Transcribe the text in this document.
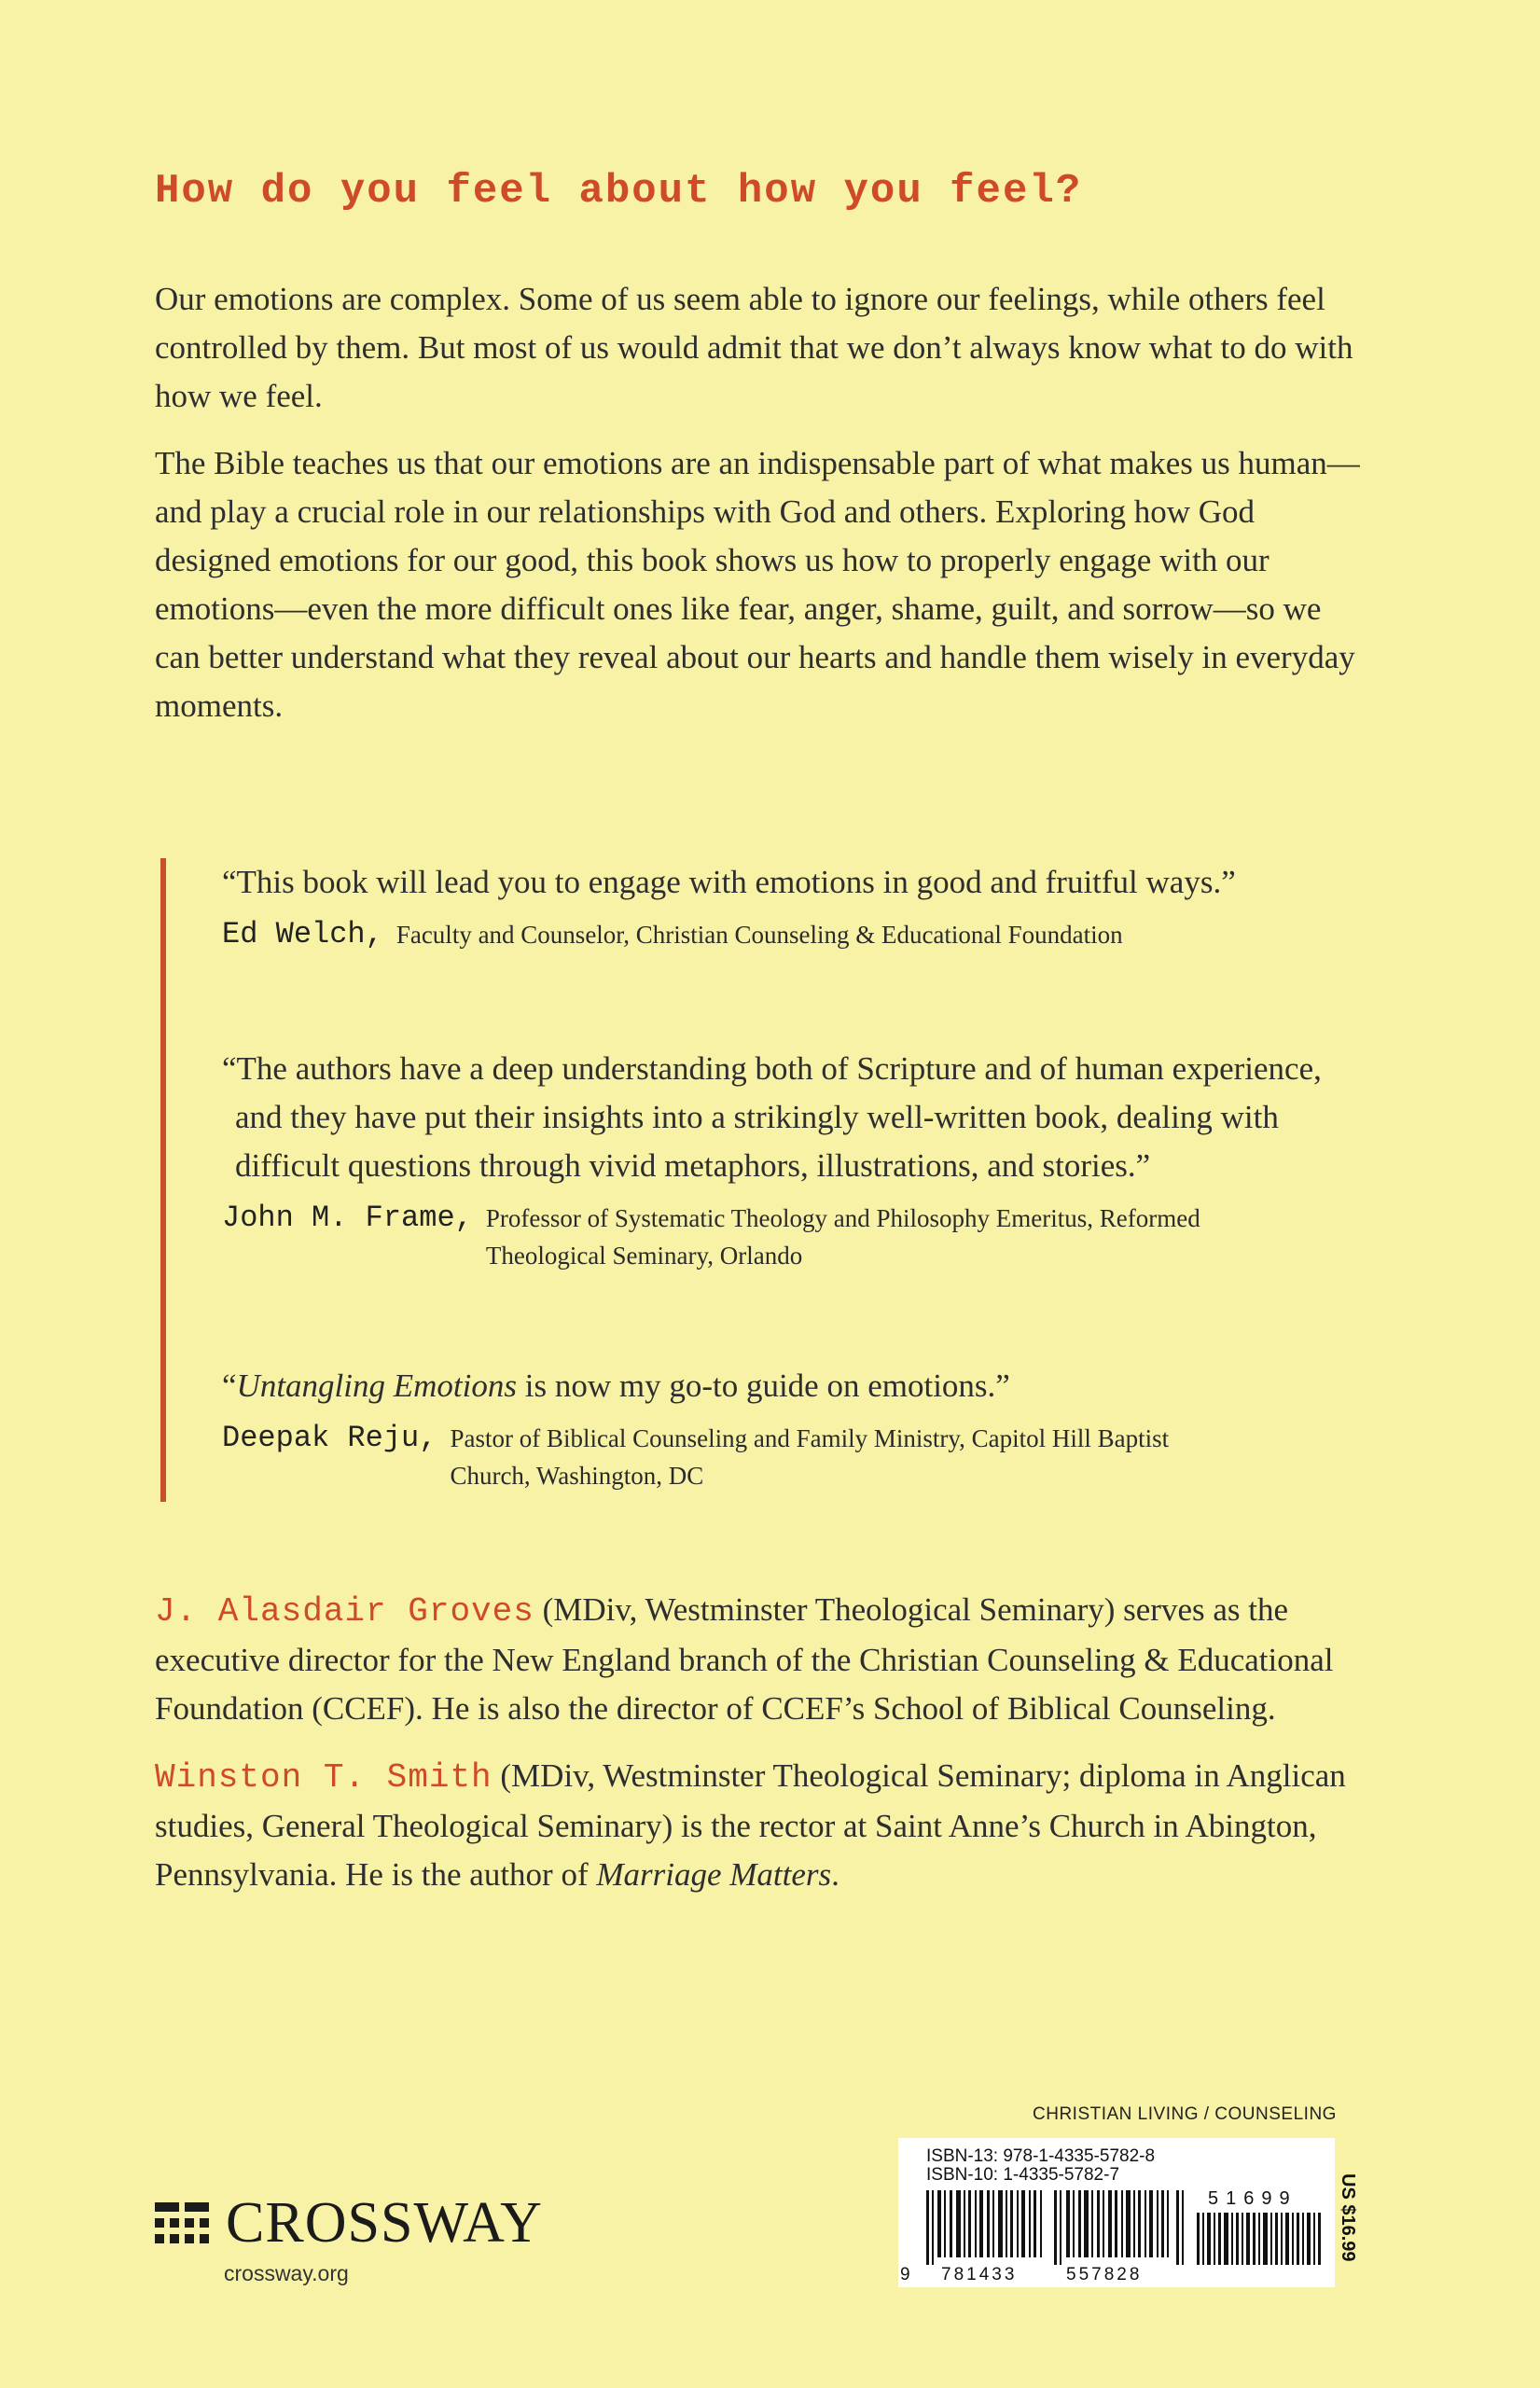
How do you feel about how you feel?

Our emotions are complex. Some of us seem able to ignore our feelings, while others feel controlled by them. But most of us would admit that we don’t always know what to do with how we feel.

The Bible teaches us that our emotions are an indispensable part of what makes us human—and play a crucial role in our relationships with God and others. Exploring how God designed emotions for our good, this book shows us how to properly engage with our emotions—even the more difficult ones like fear, anger, shame, guilt, and sorrow—so we can better understand what they reveal about our hearts and handle them wisely in everyday moments.

“This book will lead you to engage with emotions in good and fruitful ways.”
Ed Welch, Faculty and Counselor, Christian Counseling & Educational Foundation
“The authors have a deep understanding both of Scripture and of human experience, and they have put their insights into a strikingly well-written book, dealing with difficult questions through vivid metaphors, illustrations, and stories.”
John M. Frame, Professor of Systematic Theology and Philosophy Emeritus, Reformed Theological Seminary, Orlando
“Untangling Emotions is now my go-to guide on emotions.”
Deepak Reju, Pastor of Biblical Counseling and Family Ministry, Capitol Hill Baptist Church, Washington, DC

J. Alasdair Groves (MDiv, Westminster Theological Seminary) serves as the executive director for the New England branch of the Christian Counseling & Educational Foundation (CCEF). He is also the director of CCEF’s School of Biblical Counseling.

Winston T. Smith (MDiv, Westminster Theological Seminary; diploma in Anglican studies, General Theological Seminary) is the rector at Saint Anne’s Church in Abington, Pennsylvania. He is the author of Marriage Matters.

CHRISTIAN LIVING / COUNSELING
ISBN-13: 978-1-4335-5782-8
ISBN-10: 1-4335-5782-7
51699
9 781433	557828
US $16.99
CROSSWAY
crossway.org
